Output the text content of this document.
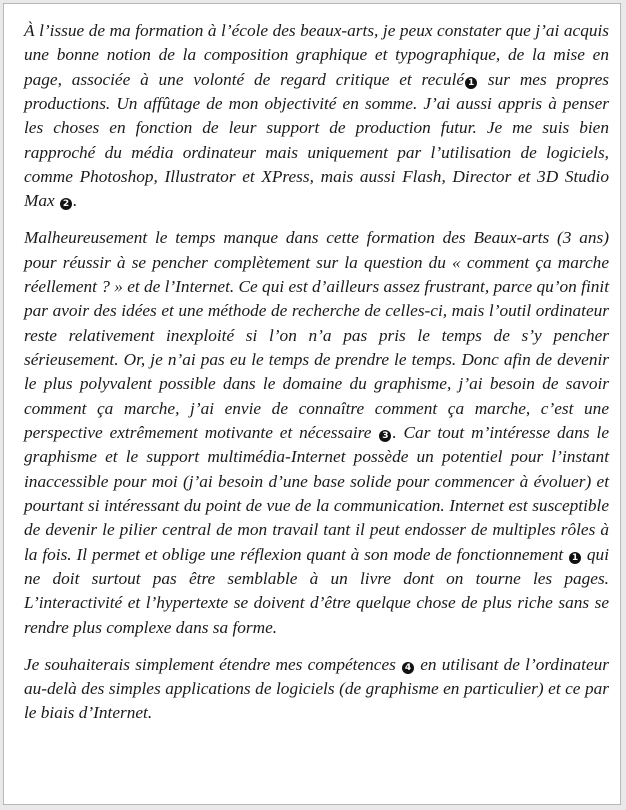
À l’issue de ma formation à l’école des beaux-arts, je peux constater que j’ai acquis une bonne notion de la composition graphique et typographique, de la mise en page, associée à une volonté de regard critique et reculé 1 sur mes propres productions. Un affûtage de mon objectivité en somme. J’ai aussi appris à penser les choses en fonction de leur support de production futur. Je me suis bien rapproché du média ordinateur mais uniquement par l’utilisation de logiciels, comme Photoshop, Illustrator et XPress, mais aussi Flash, Director et 3D Studio Max 2 .

Malheureusement le temps manque dans cette formation des Beaux-arts (3 ans) pour réussir à se pencher complètement sur la question du « comment ça marche réellement ? » et de l’Internet. Ce qui est d’ailleurs assez frustrant, parce qu’on finit par avoir des idées et une méthode de recherche de celles-ci, mais l’outil ordinateur reste relativement inexploité si l’on n’a pas pris le temps de s’y pencher sérieusement. Or, je n’ai pas eu le temps de prendre le temps. Donc afin de devenir le plus polyvalent possible dans le domaine du graphisme, j’ai besoin de savoir comment ça marche, j’ai envie de connaître comment ça marche, c’est une perspective extrêmement motivante et nécessaire 3 . Car tout m’intéresse dans le graphisme et le support multimédia-Internet possède un potentiel pour l’instant inaccessible pour moi (j’ai besoin d’une base solide pour commencer à évoluer) et pourtant si intéressant du point de vue de la communication. Internet est susceptible de devenir le pilier central de mon travail tant il peut endosser de multiples rôles à la fois. Il permet et oblige une réflexion quant à son mode de fonctionnement 1 qui ne doit surtout pas être semblable à un livre dont on tourne les pages. L’interactivité et l’hypertexte se doivent d’être quelque chose de plus riche sans se rendre plus complexe dans sa forme.

Je souhaiterais simplement étendre mes compétences 4 en utilisant de l’ordinateur au-delà des simples applications de logiciels (de graphisme en particulier) et ce par le biais d’Internet.
